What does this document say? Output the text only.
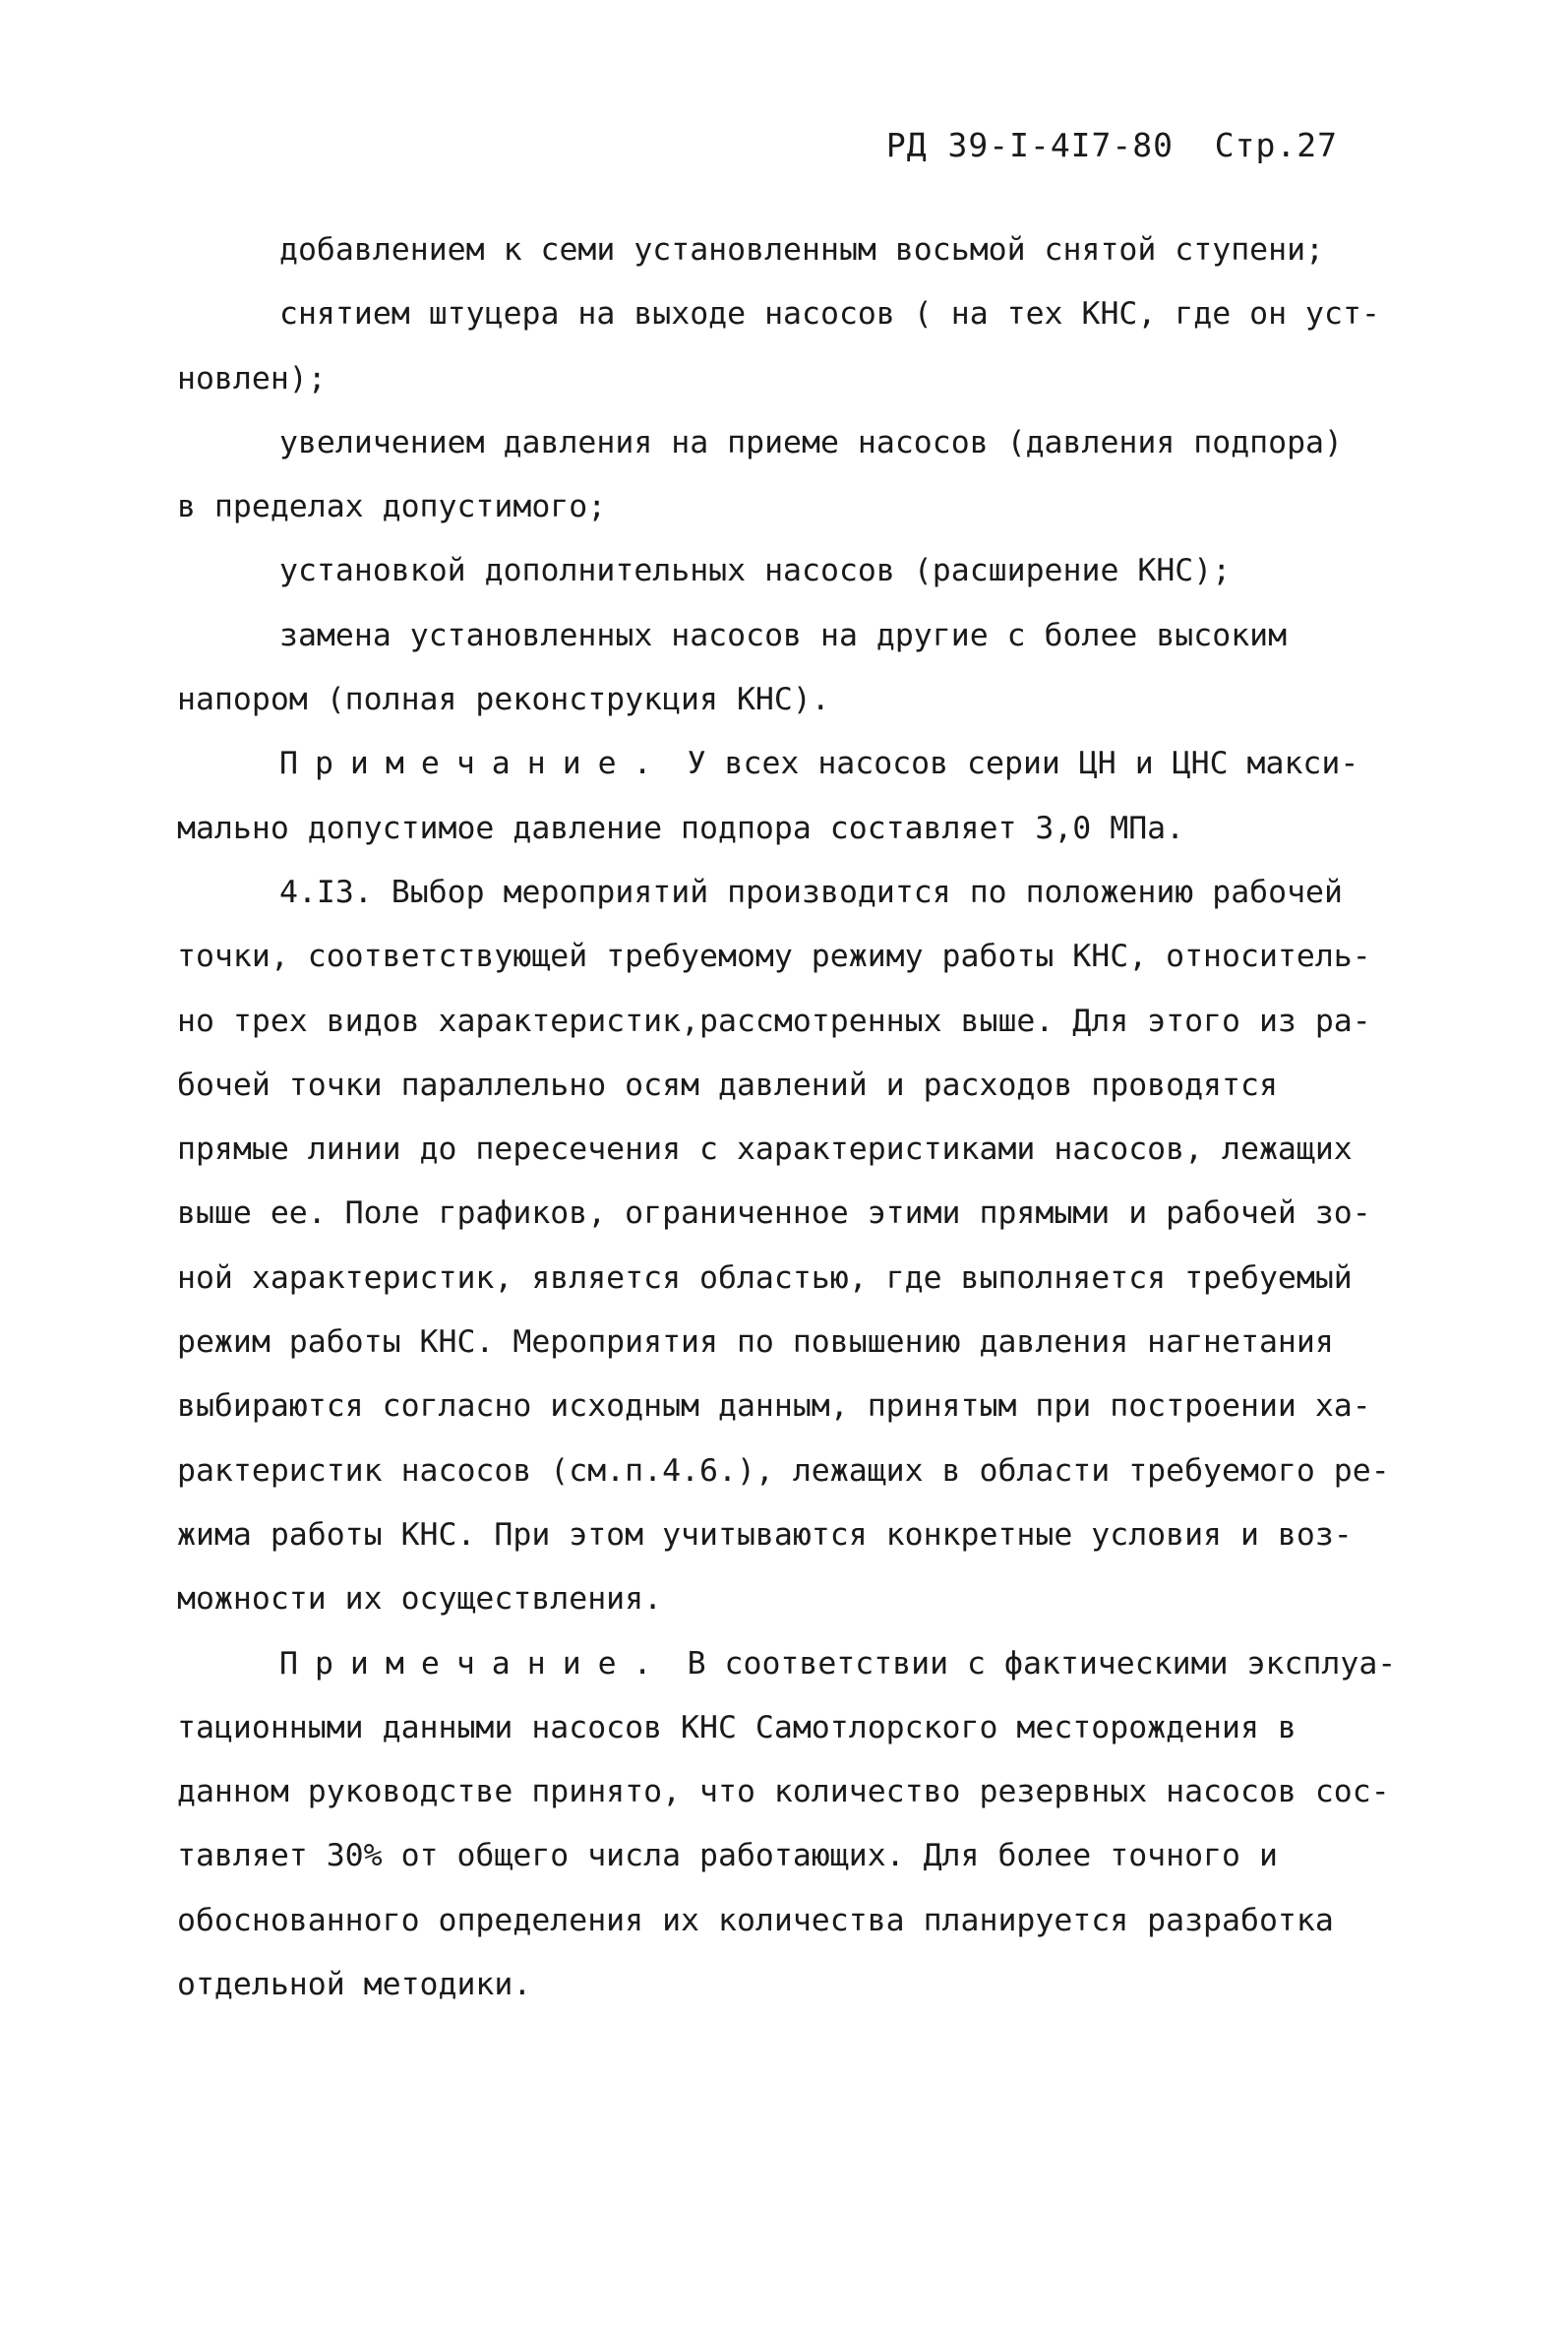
РД 39-I-4I7-80 Стр.27
добавлением к семи установленным восьмой снятой ступени;
снятием штуцера на выходе насосов ( на тех КНС, где он уст-
новлен);
увеличением давления на приеме насосов (давления подпора)
в пределах допустимого;
установкой дополнительных насосов (расширение КНС);
замена установленных насосов на другие с более высоким
напором (полная реконструкция КНС).
Примечание. У всех насосов серии ЦН и ЦНС макси-
мально допустимое давление подпора составляет 3,0 МПа.
4.I3. Выбор мероприятий производится по положению рабочей
точки, соответствующей требуемому режиму работы КНС, относитель-
но трех видов характеристик,рассмотренных выше. Для этого из ра-
бочей точки параллельно осям давлений и расходов проводятся
прямые линии до пересечения с характеристиками насосов, лежащих
выше ее. Поле графиков, ограниченное этими прямыми и рабочей зо-
ной характеристик, является областью, где выполняется требуемый
режим работы КНС. Мероприятия по повышению давления нагнетания
выбираются согласно исходным данным, принятым при построении ха-
рактеристик насосов (см.п.4.6.), лежащих в области требуемого ре-
жима работы КНС. При этом учитываются конкретные условия и воз-
можности их осуществления.
Примечание. В соответствии с фактическими эксплуа-
тационными данными насосов КНС Самотлорского месторождения в
данном руководстве принято, что количество резервных насосов сос-
тавляет 30% от общего числа работающих. Для более точного и
обоснованного определения их количества планируется разработка
отдельной методики.
